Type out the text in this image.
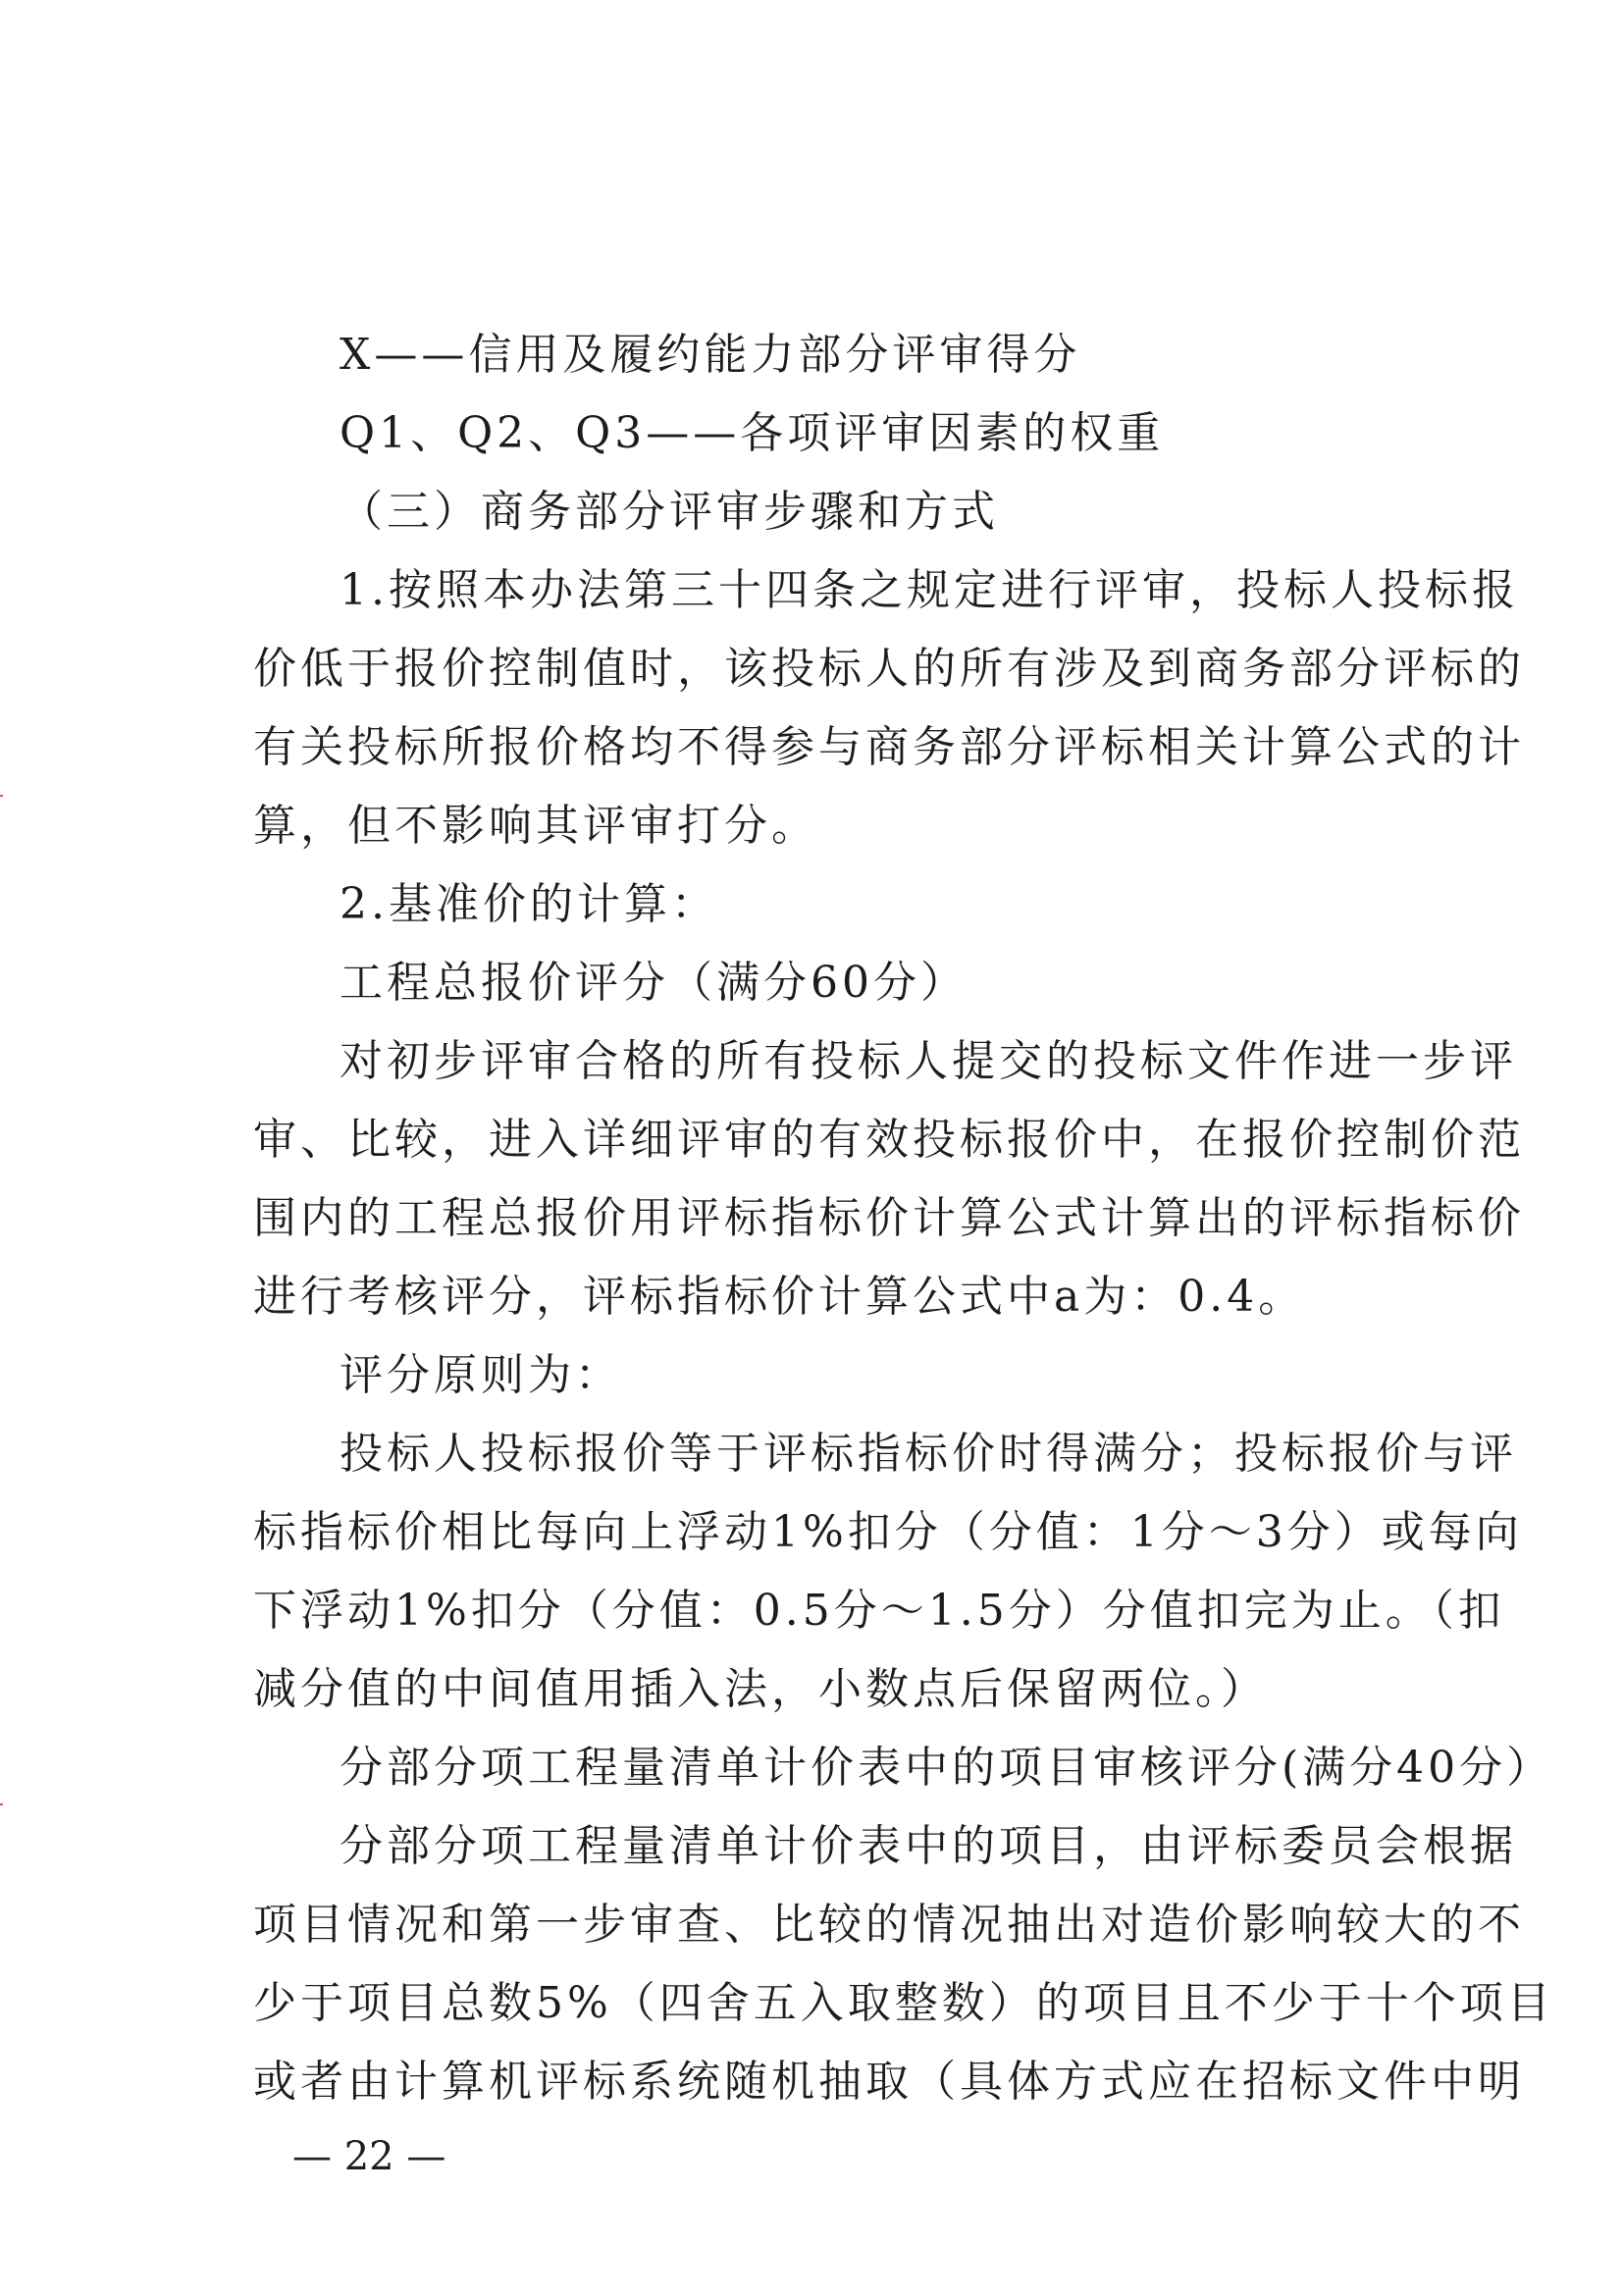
X——信用及履约能力部分评审得分
Q1、Q2、Q3——各项评审因素的权重
（三）商务部分评审步骤和方式
1.按照本办法第三十四条之规定进行评审，投标人投标报
价低于报价控制值时，该投标人的所有涉及到商务部分评标的
有关投标所报价格均不得参与商务部分评标相关计算公式的计
算，但不影响其评审打分。
2.基准价的计算：
工程总报价评分（满分60分）
对初步评审合格的所有投标人提交的投标文件作进一步评
审、比较，进入详细评审的有效投标报价中，在报价控制价范
围内的工程总报价用评标指标价计算公式计算出的评标指标价
进行考核评分，评标指标价计算公式中a为：0.4。
评分原则为：
投标人投标报价等于评标指标价时得满分；投标报价与评
标指标价相比每向上浮动1%扣分（分值：1分～3分）或每向
下浮动1%扣分（分值：0.5分～1.5分）分值扣完为止。（扣
减分值的中间值用插入法，小数点后保留两位。）
分部分项工程量清单计价表中的项目审核评分(满分40分）
分部分项工程量清单计价表中的项目，由评标委员会根据
项目情况和第一步审查、比较的情况抽出对造价影响较大的不
少于项目总数5%（四舍五入取整数）的项目且不少于十个项目
或者由计算机评标系统随机抽取（具体方式应在招标文件中明
— 22 —
